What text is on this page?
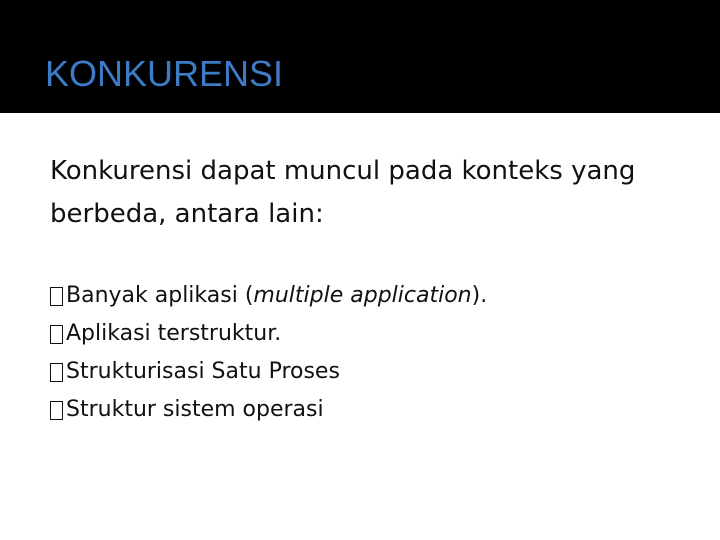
KONKURENSI

Konkurensi dapat muncul pada konteks yang berbeda, antara lain:

Banyak aplikasi ( multiple application ).
Aplikasi terstruktur.
Strukturisasi Satu Proses
Struktur sistem operasi
